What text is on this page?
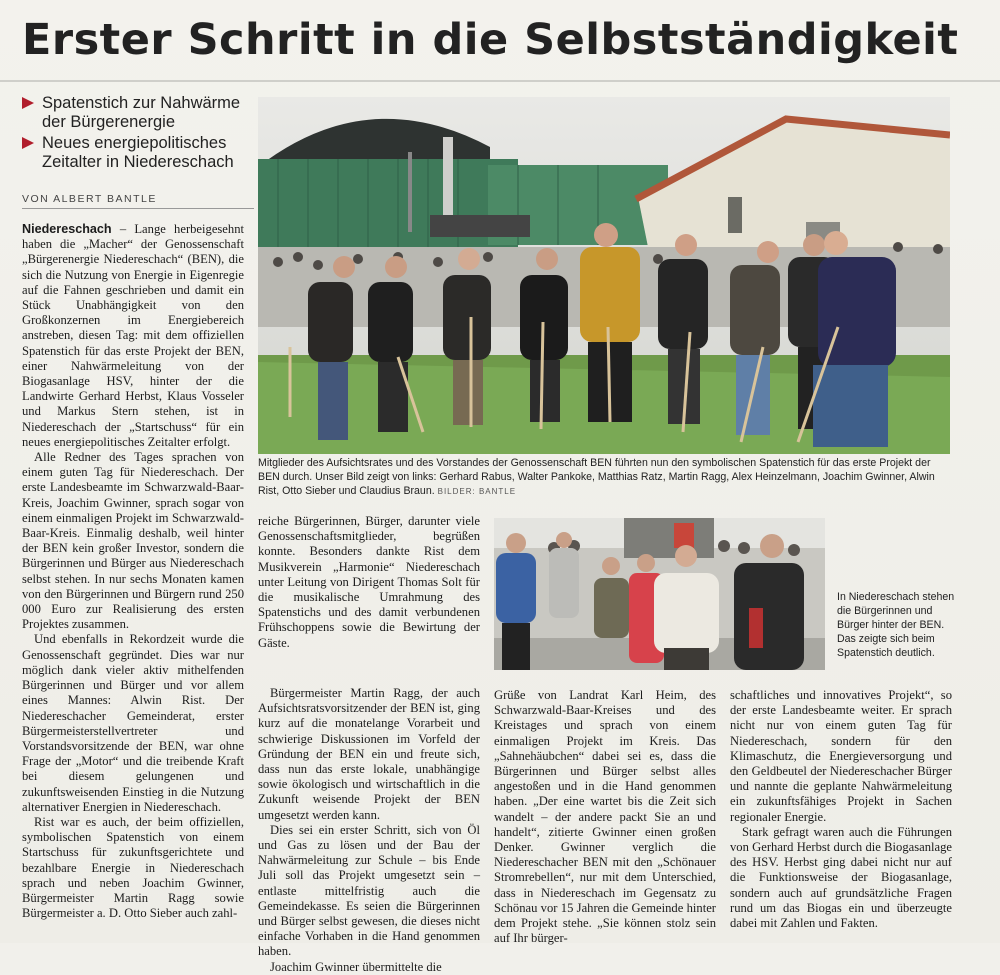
Erster Schritt in die Selbstständigkeit
Spatenstich zur Nahwärme der Bürgerenergie
Neues energiepolitisches Zeitalter in Niedereschach
VON ALBERT BANTLE

Niedereschach – Lange herbeigesehnt haben die „Macher“ der Genossenschaft „Bürgerenergie Niedereschach“ (BEN), die sich die Nutzung von Energie in Eigenregie auf die Fahnen geschrieben und damit ein Stück Unabhängigkeit von den Großkonzernen im Energiebereich anstreben, diesen Tag: mit dem offiziellen Spatenstich für das erste Projekt der BEN, einer Nahwärmeleitung von der Biogasanlage HSV, hinter der die Landwirte Gerhard Herbst, Klaus Vosseler und Markus Stern stehen, ist in Niedereschach der „Startschuss“ für ein neues energiepolitisches Zeitalter erfolgt.

Alle Redner des Tages sprachen von einem guten Tag für Niedereschach. Der erste Landesbeamte im Schwarzwald-Baar-Kreis, Joachim Gwinner, sprach sogar von einem einmaligen Projekt im Schwarzwald-Baar-Kreis. Einmalig deshalb, weil hinter der BEN kein großer Investor, sondern die Bürgerinnen und Bürger aus Niedereschach selbst stehen. In nur sechs Monaten kamen von den Bürgerinnen und Bürgern rund 250 000 Euro zur Realisierung des ersten Projektes zusammen.

Und ebenfalls in Rekordzeit wurde die Genossenschaft gegründet. Dies war nur möglich dank vieler aktiv mithelfenden Bürgerinnen und Bürger und vor allem eines Mannes: Alwin Rist. Der Niedereschacher Gemeinderat, erster Bürgermeisterstellvertreter und Vorstandsvorsitzende der BEN, war ohne Frage der „Motor“ und die treibende Kraft bei diesem gelungenen und zukunftsweisenden Einstieg in die Nutzung alternativer Energien in Niedereschach.

Rist war es auch, der beim offiziellen, symbolischen Spatenstich von einem Startschuss für zukunftsgerichtete und bezahlbare Energie in Niedereschach sprach und neben Joachim Gwinner, Bürgermeister Martin Ragg sowie Bürgermeister a. D. Otto Sieber auch zahl-

Mitglieder des Aufsichtsrates und des Vorstandes der Genossenschaft BEN führten nun den symbolischen Spatenstich für das erste Projekt der BEN durch. Unser Bild zeigt von links: Gerhard Rabus, Walter Pankoke, Matthias Ratz, Martin Ragg, Alex Heinzelmann, Joachim Gwinner, Alwin Rist, Otto Sieber und Claudius Braun. BILDER: BANTLE

reiche Bürgerinnen, Bürger, darunter viele Genossenschaftsmitglieder, begrüßen konnte. Besonders dankte Rist dem Musikverein „Harmonie“ Niedereschach unter Leitung von Dirigent Thomas Solt für die musikalische Umrahmung des Spatenstichs und des damit verbundenen Frühschoppens sowie die Bewirtung der Gäste.

Bürgermeister Martin Ragg, der auch Aufsichtsratsvorsitzender der BEN ist, ging kurz auf die monatelange Vorarbeit und schwierige Diskussionen im Vorfeld der Gründung der BEN ein und freute sich, dass nun das erste lokale, unabhängige sowie ökologisch und wirtschaftlich in die Zukunft weisende Projekt der BEN umgesetzt werden kann.

Dies sei ein erster Schritt, sich von Öl und Gas zu lösen und der Bau der Nahwärmeleitung zur Schule – bis Ende Juli soll das Projekt umgesetzt sein – entlaste mittelfristig auch die Gemeindekasse. Es seien die Bürgerinnen und Bürger selbst gewesen, die dieses nicht einfache Vorhaben in die Hand genommen haben.

Joachim Gwinner übermittelte die

In Niedereschach stehen die Bürgerinnen und Bürger hinter der BEN. Das zeigte sich beim Spatenstich deutlich.

Grüße von Landrat Karl Heim, des Schwarzwald-Baar-Kreises und des Kreistages und sprach von einem einmaligen Projekt im Kreis. Das „Sahnehäubchen“ dabei sei es, dass die Bürgerinnen und Bürger selbst alles angestoßen und in die Hand genommen haben. „Der eine wartet bis die Zeit sich wandelt – der andere packt Sie an und handelt“, zitierte Gwinner einen großen Denker. Gwinner verglich die Niedereschacher BEN mit den „Schönauer Stromrebellen“, nur mit dem Unterschied, dass in Niedereschach im Gegensatz zu Schönau vor 15 Jahren die Gemeinde hinter dem Projekt stehe. „Sie können stolz sein auf Ihr bürger-

schaftliches und innovatives Projekt“, so der erste Landesbeamte weiter. Er sprach nicht nur von einem guten Tag für Niedereschach, sondern für den Klimaschutz, die Energieversorgung und den Geldbeutel der Niedereschacher Bürger und nannte die geplante Nahwärmeleitung ein zukunftsfähiges Projekt in Sachen regionaler Energie.

Stark gefragt waren auch die Führungen von Gerhard Herbst durch die Biogasanlage des HSV. Herbst ging dabei nicht nur auf die Funktionsweise der Biogasanlage, sondern auch auf grundsätzliche Fragen rund um das Biogas ein und überzeugte dabei mit Zahlen und Fakten.
